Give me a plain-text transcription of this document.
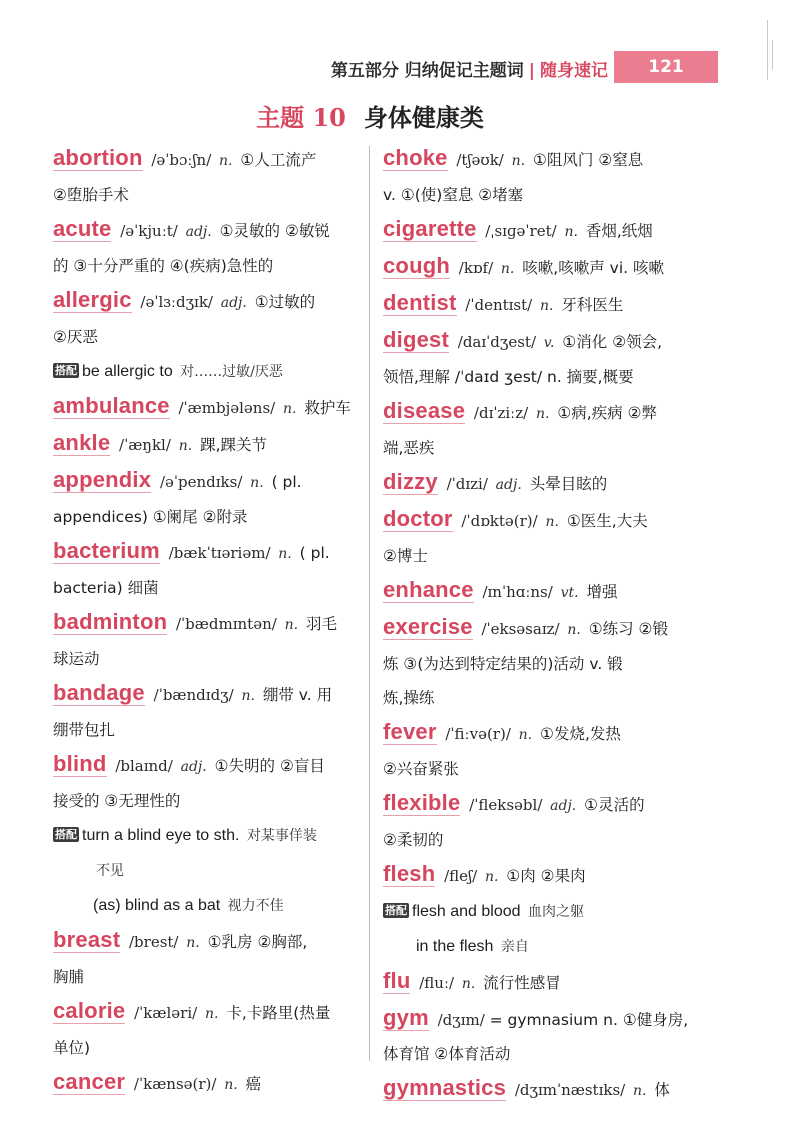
第五部分 归纳促记主题词 | 随身速记	121
主题 10 身体健康类
abortion /əˈbɔːʃn/ n. ①人工流产
②堕胎手术
acute /əˈkjuːt/ adj. ①灵敏的 ②敏锐
的 ③十分严重的 ④(疾病)急性的
allergic /əˈlɜːdʒɪk/ adj. ①过敏的
②厌恶
搭配 be allergic to 对……过敏/厌恶
ambulance /ˈæmbjələns/ n. 救护车
ankle /ˈæŋkl/ n. 踝,踝关节
appendix /əˈpendɪks/ n. ( pl.
appendices) ①阑尾 ②附录
bacterium /bækˈtɪəriəm/ n. ( pl.
bacteria) 细菌
badminton /ˈbædmɪntən/ n. 羽毛
球运动
bandage /ˈbændɪdʒ/ n. 绷带 v. 用
绷带包扎
blind /blaɪnd/ adj. ①失明的 ②盲目
接受的 ③无理性的
搭配 turn a blind eye to sth. 对某事佯装
不见
(as) blind as a bat 视力不佳
breast /brest/ n. ①乳房 ②胸部,
胸脯
calorie /ˈkæləri/ n. 卡,卡路里(热量
单位)
cancer /ˈkænsə(r)/ n. 癌
choke /tʃəʊk/ n. ①阻风门 ②窒息
v. ①(使)窒息 ②堵塞
cigarette /ˌsɪɡəˈret/ n. 香烟,纸烟
cough /kɒf/ n. 咳嗽,咳嗽声 vi. 咳嗽
dentist /ˈdentɪst/ n. 牙科医生
digest /daɪˈdʒest/ v. ①消化 ②领会,
领悟,理解 /ˈdaɪd ʒest/ n. 摘要,概要
disease /dɪˈziːz/ n. ①病,疾病 ②弊
端,恶疾
dizzy /ˈdɪzi/ adj. 头晕目眩的
doctor /ˈdɒktə(r)/ n. ①医生,大夫
②博士
enhance /ɪnˈhɑːns/ vt. 增强
exercise /ˈeksəsaɪz/ n. ①练习 ②锻
炼 ③(为达到特定结果的)活动 v. 锻
炼,操练
fever /ˈfiːvə(r)/ n. ①发烧,发热
②兴奋紧张
flexible /ˈfleksəbl/ adj. ①灵活的
②柔韧的
flesh /fleʃ/ n. ①肉 ②果肉
搭配 flesh and blood 血肉之躯
in the flesh 亲自
flu /fluː/ n. 流行性感冒
gym /dʒɪm/ = gymnasium n. ①健身房,
体育馆 ②体育活动
gymnastics /dʒɪmˈnæstɪks/ n. 体
